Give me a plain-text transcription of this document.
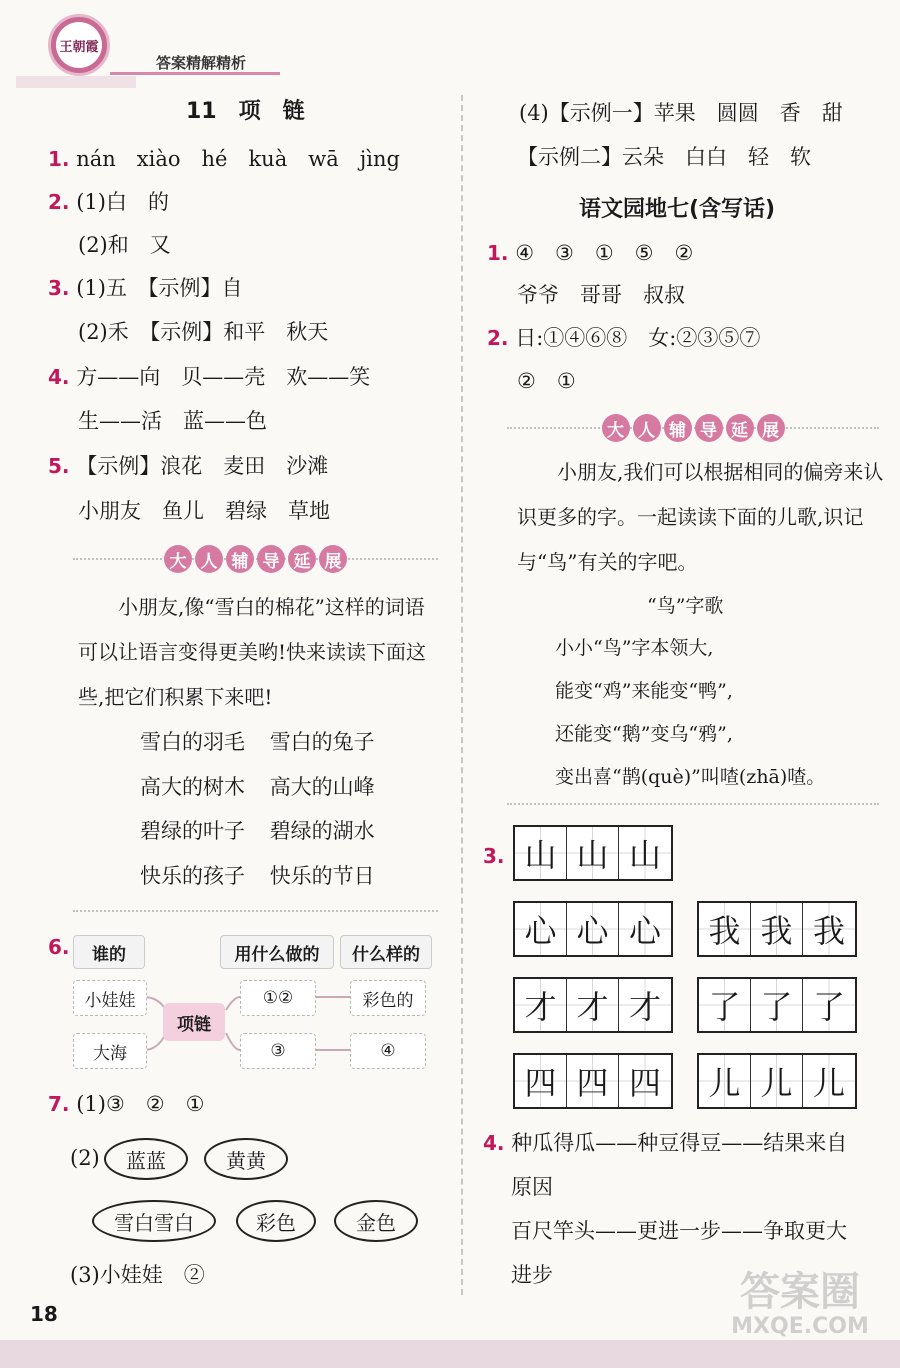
王朝霞
答案精解精析
11　项　链
1. nán　xiào　hé　kuà　wā　jìng
2. (1)白　的
(2)和　又
3. (1)五　【示例】自
(2)禾　【示例】和平　秋天
4. 方——向　贝——壳　欢——笑
生——活　蓝——色
5. 【示例】浪花　麦田　沙滩
小朋友　鱼儿　碧绿　草地
大 人 辅 导 延 展
小朋友,像“雪白的棉花”这样的词语可以让语言变得更美哟!快来读读下面这些,把它们积累下来吧!
雪白的羽毛 雪白的兔子
高大的树木 高大的山峰
碧绿的叶子 碧绿的湖水
快乐的孩子 快乐的节日
6.	谁的	用什么做的	什么样的
小娃娃
大海
项链
①②
③
彩色的
④
7. (1)③　②　①
(2)	蓝蓝	黄黄
雪白雪白	彩色	金色
(3)小娃娃　②
(4)【示例一】苹果　圆圆　香　甜
【示例二】云朵　白白　轻　软
语文园地七(含写话)
1. ④　③　①　⑤　②
爷爷　哥哥　叔叔
2. 日:①④⑥⑧　女:②③⑤⑦
②　①
大 人 辅 导 延 展
小朋友,我们可以根据相同的偏旁来认识更多的字。一起读读下面的儿歌,识记与“鸟”有关的字吧。
“鸟”字歌
小小“鸟”字本领大,
能变“鸡”来能变“鸭”,
还能变“鹅”变乌“鸦”,
变出喜“鹊(què)”叫喳(zhā)喳。
3. 山 山 山
心 心 心	我 我 我
才 才 才	了 了 了
四 四 四	儿 儿 儿
4. 种瓜得瓜——种豆得豆——结果来自
原因
百尺竿头——更进一步——争取更大
进步
18	答案圈
MXQE.COM
